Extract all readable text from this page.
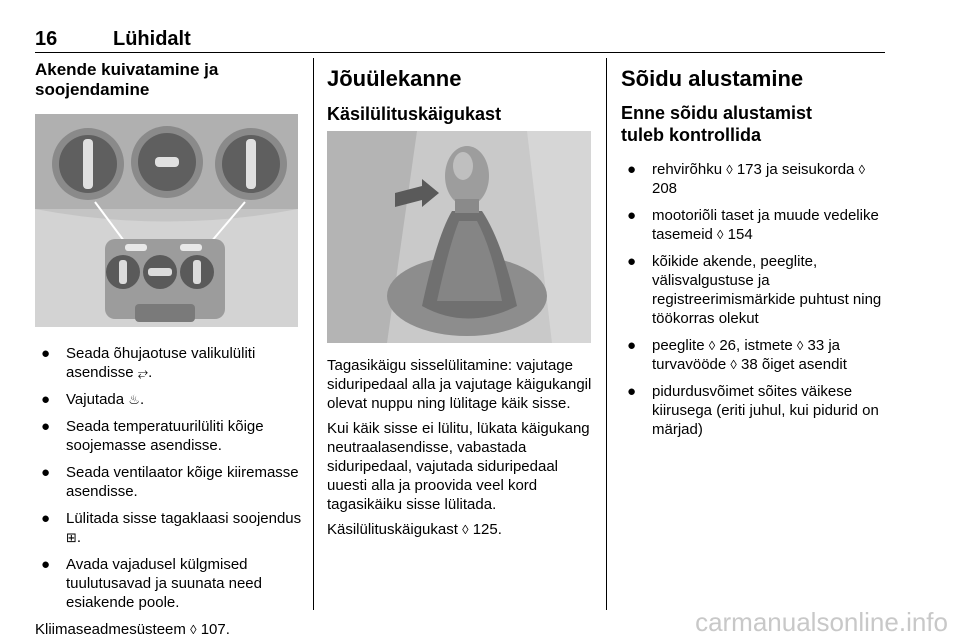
16	Lühidalt
Akende kuivatamine ja soojendamine
● Seada õhujaotuse valikulüliti asendisse ⥂.
● Vajutada ♨.
● Seada temperatuurilüliti kõige soojemasse asendisse.
● Seada ventilaator kõige kiiremasse asendisse.
● Lülitada sisse tagaklaasi soojendus ⊞.
● Avada vajadusel külgmised tuulutusavad ja suunata need esiakende poole.

Kliimaseadmesüsteem ◊ 107.

Jõuülekanne
Käsilülituskäigukast

Tagasikäigu sisselülitamine: vajutage siduripedaal alla ja vajutage käigukangil olevat nuppu ning lülitage käik sisse.

Kui käik sisse ei lülitu, lükata käigukang neutraalasendisse, vabastada siduripedaal, vajutada siduripedaal uuesti alla ja proovida veel kord tagasikäiku sisse lülitada.

Käsilülituskäigukast ◊ 125.

Sõidu alustamine
Enne sõidu alustamist tuleb kontrollida
● rehvirõhku ◊ 173 ja seisukorda ◊ 208
● mootoriõli taset ja muude vedelike tasemeid ◊ 154
● kõikide akende, peeglite, välisvalgustuse ja registreerimismärkide puhtust ning töökorras olekut
● peeglite ◊ 26, istmete ◊ 33 ja turvavööde ◊ 38 õiget asendit
● pidurdusvõimet sõites väikese kiirusega (eriti juhul, kui pidurid on märjad)
carmanualsonline.info
